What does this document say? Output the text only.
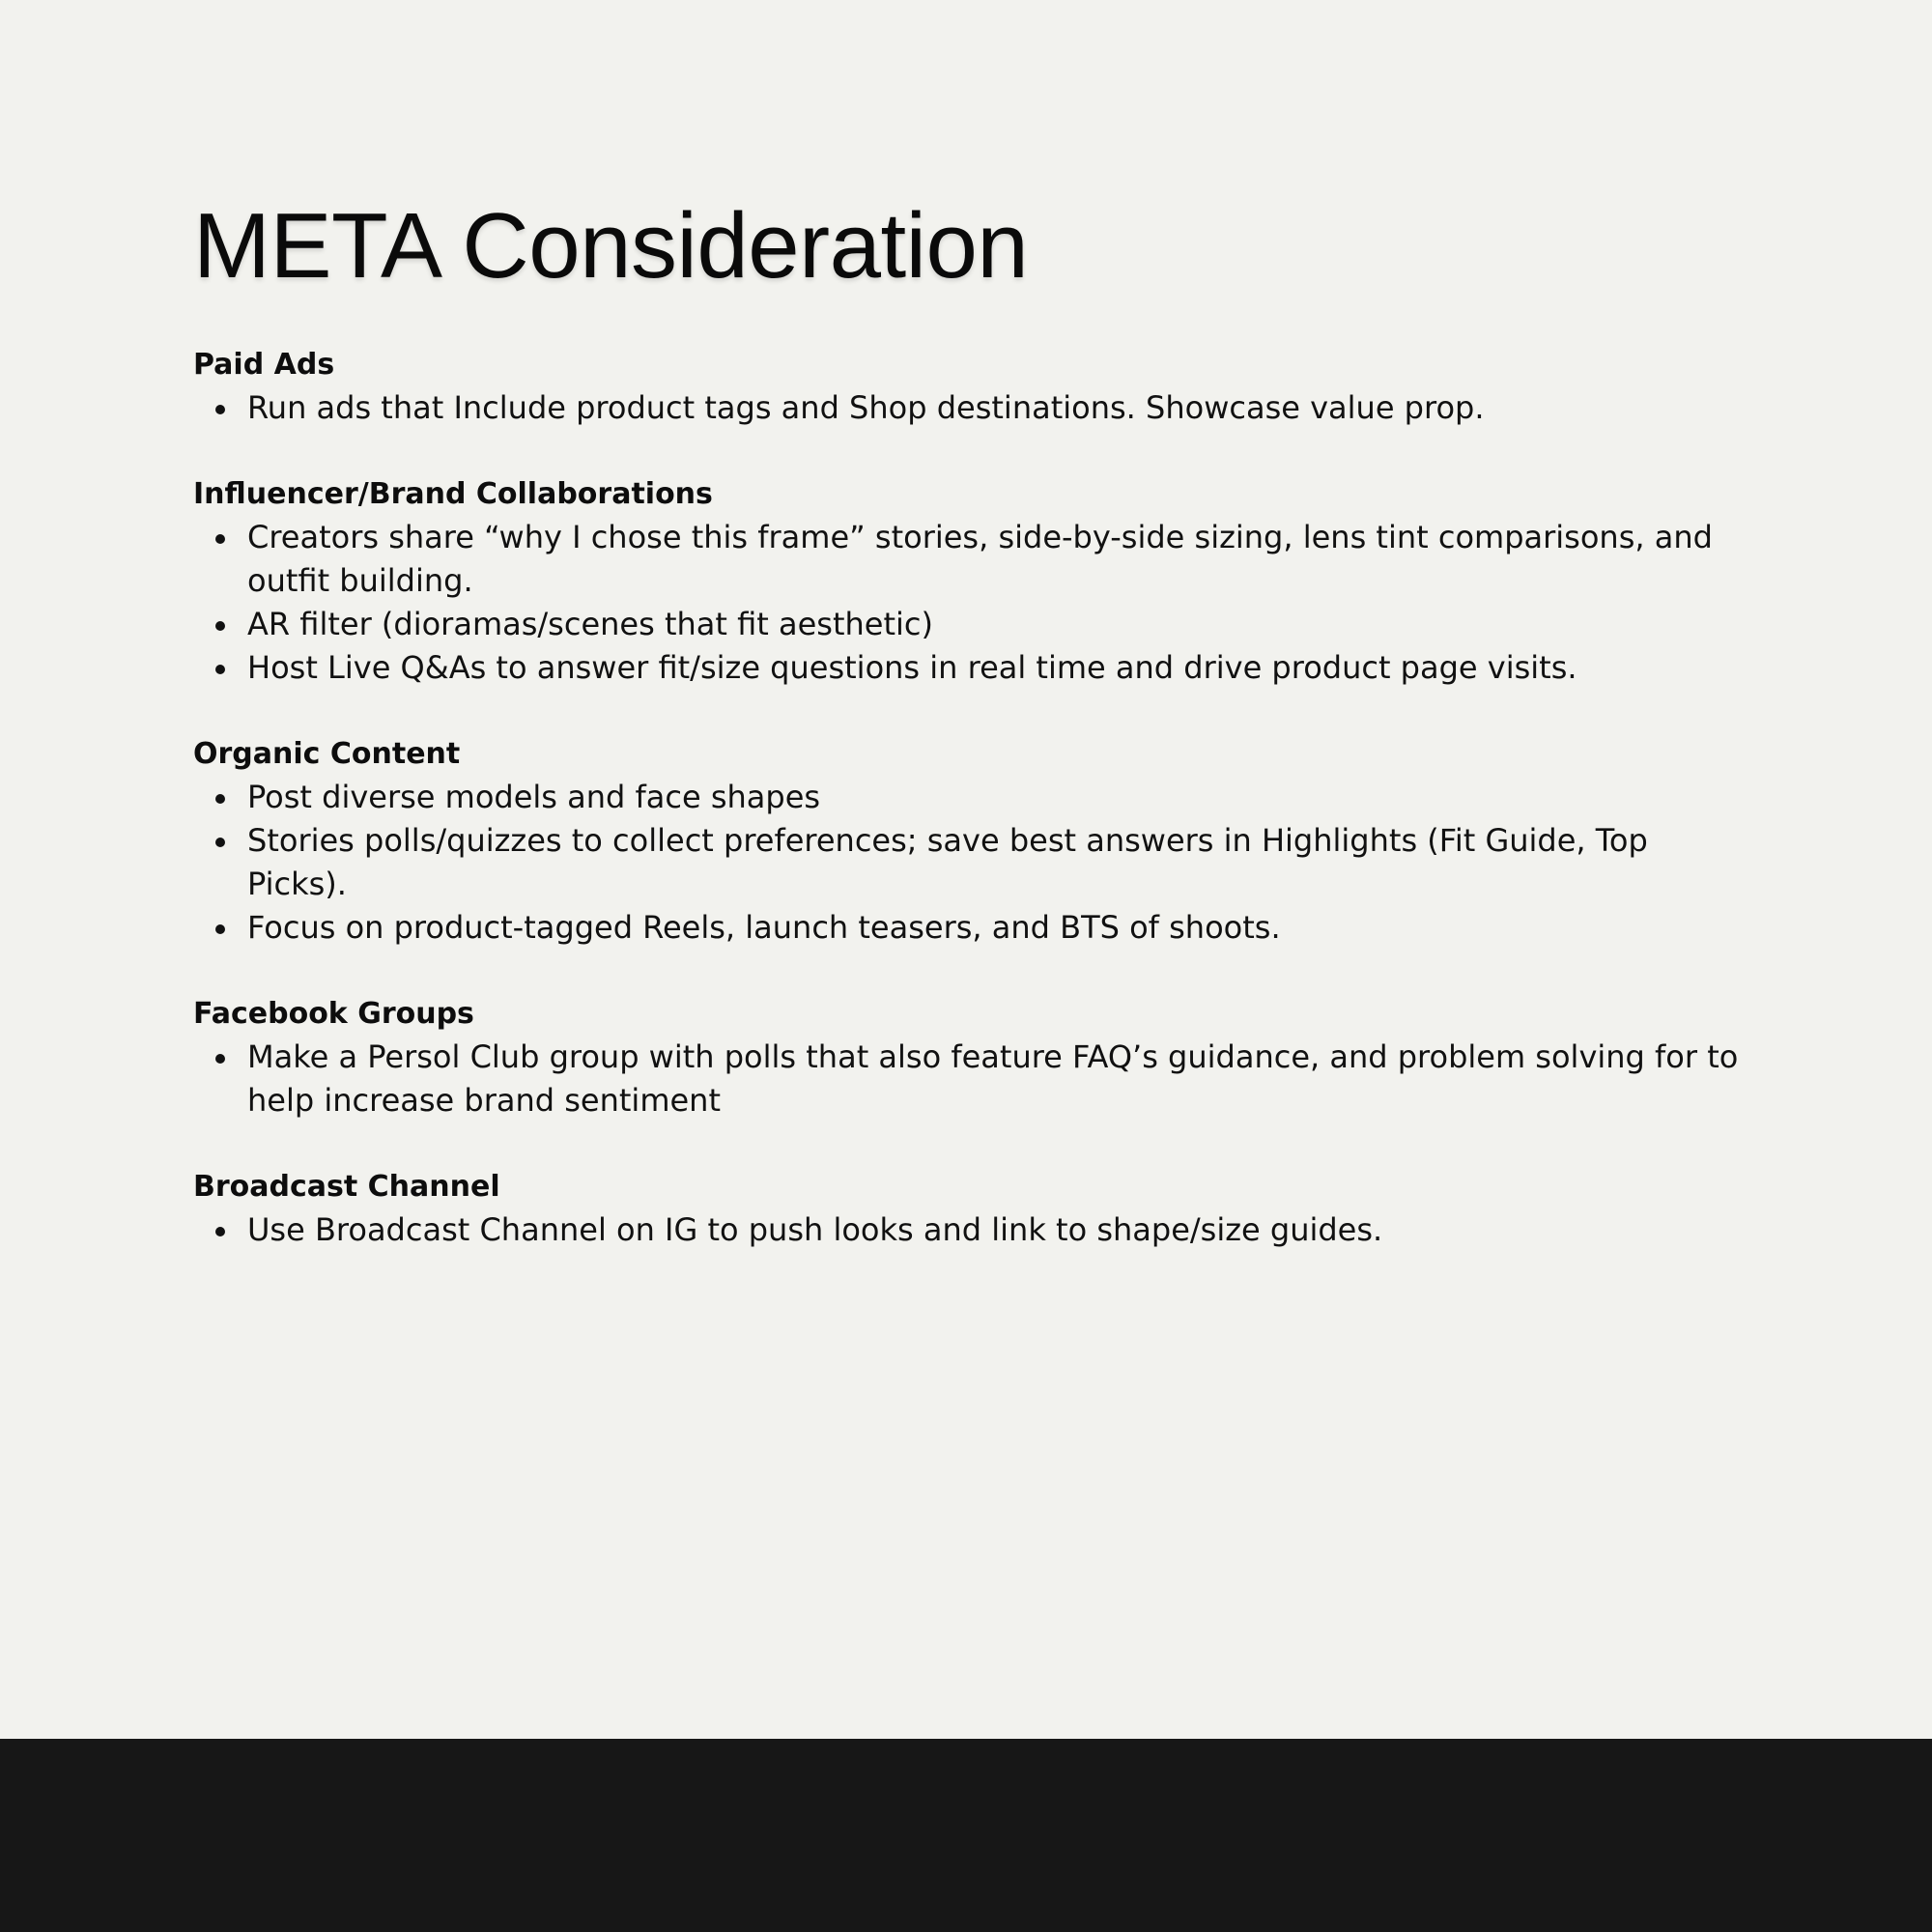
META Consideration
Paid Ads
Run ads that Include product tags and Shop destinations. Showcase value prop.
Influencer/Brand Collaborations
Creators share “why I chose this frame” stories, side-by-side sizing, lens tint comparisons, and outfit building.
AR filter (dioramas/scenes that fit aesthetic)
Host Live Q&As to answer fit/size questions in real time and drive product page visits.
Organic Content
Post diverse models and face shapes
Stories polls/quizzes to collect preferences; save best answers in Highlights (Fit Guide, Top Picks).
Focus on product-tagged Reels, launch teasers, and BTS of shoots.
Facebook Groups
Make a Persol Club group with polls that also feature FAQ’s guidance, and problem solving for to help increase brand sentiment
Broadcast Channel
Use Broadcast Channel on IG to push looks and link to shape/size guides.
